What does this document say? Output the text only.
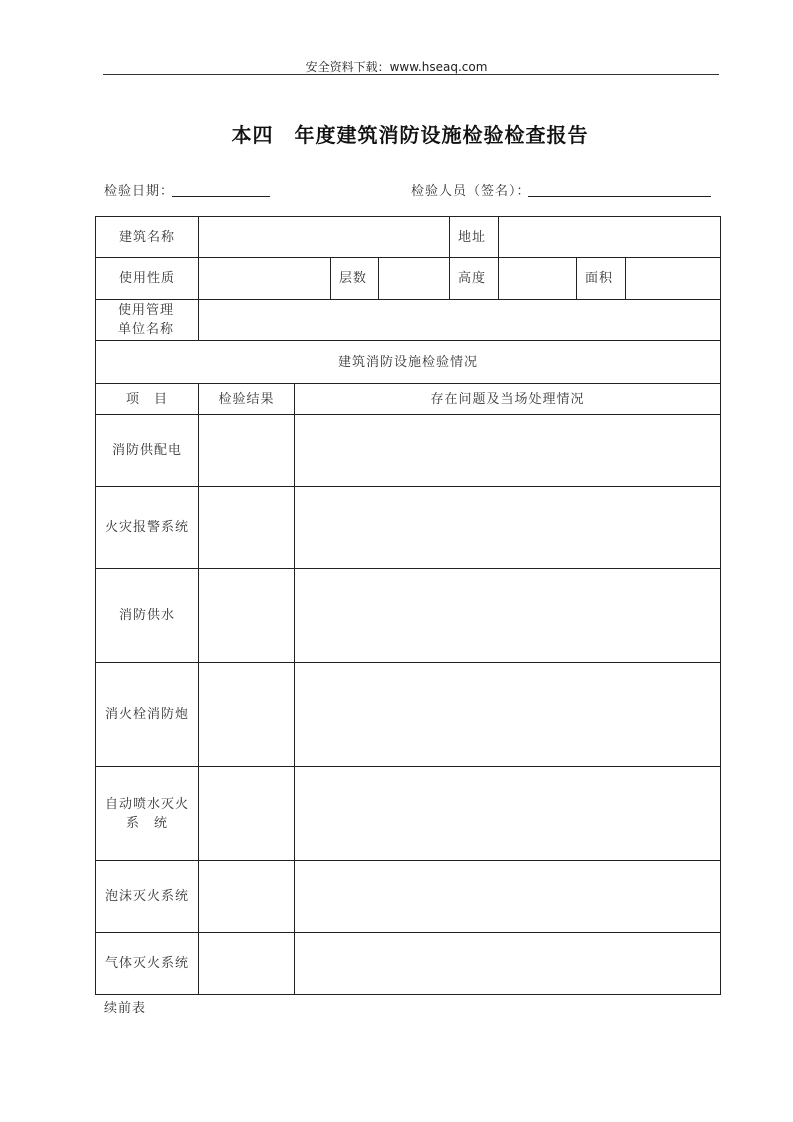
安全资料下载：www.hseaq.com
本四　年度建筑消防设施检验检查报告
检验日期：	检验人员（签名）：
建筑名称					地址			
使用性质			层数		高度		面积	

使用管理
单位名称								

建筑消防设施检验情况								
项　目	检验结果	存在问题及当场处理情况						
消防供配电								
火灾报警系统								
消防供水								
消火栓消防炮								

自动喷水灭火
系　统								

泡沫灭火系统								
气体灭火系统								
续前表
